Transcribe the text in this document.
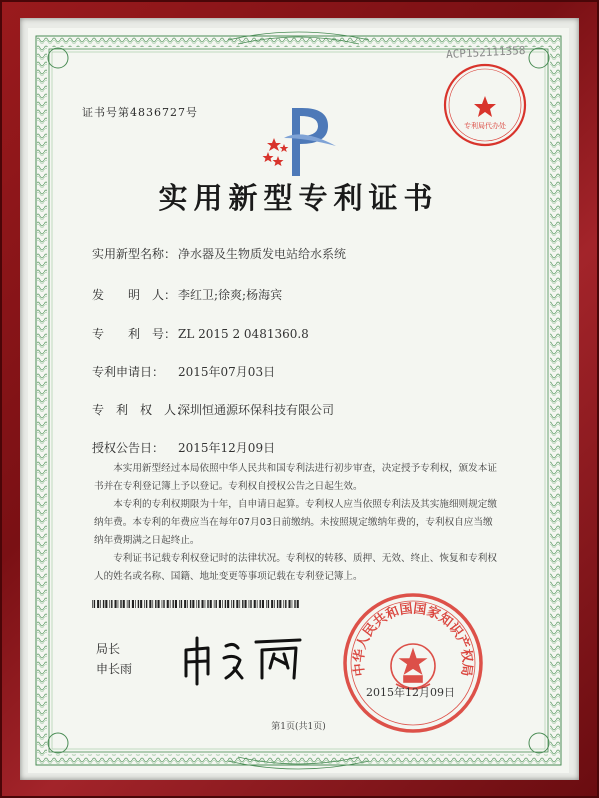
专利局代办处
ACP152111358
证书号第4836727号
实用新型专利证书
实用新型名称： 净水器及生物质发电站给水系统
发　　明　人： 李红卫;徐爽;杨海宾
专　　利　号： ZL 2015 2 0481360.8
专利申请日： 2015年07月03日
专　利　权　人：深圳恒通源环保科技有限公司
授权公告日： 2015年12月09日

本实用新型经过本局依照中华人民共和国专利法进行初步审查，决定授予专利权，颁发本证书并在专利登记簿上予以登记。专利权自授权公告之日起生效。

本专利的专利权期限为十年，自申请日起算。专利权人应当依照专利法及其实施细则规定缴纳年费。本专利的年费应当在每年07月03日前缴纳。未按照规定缴纳年费的，专利权自应当缴纳年费期满之日起终止。

专利证书记载专利权登记时的法律状况。专利权的转移、质押、无效、终止、恢复和专利权人的姓名或名称、国籍、地址变更等事项记载在专利登记簿上。

局长
申长雨	中华人民共和国国家知识产权局
2015年12月09日
第1页(共1页)
